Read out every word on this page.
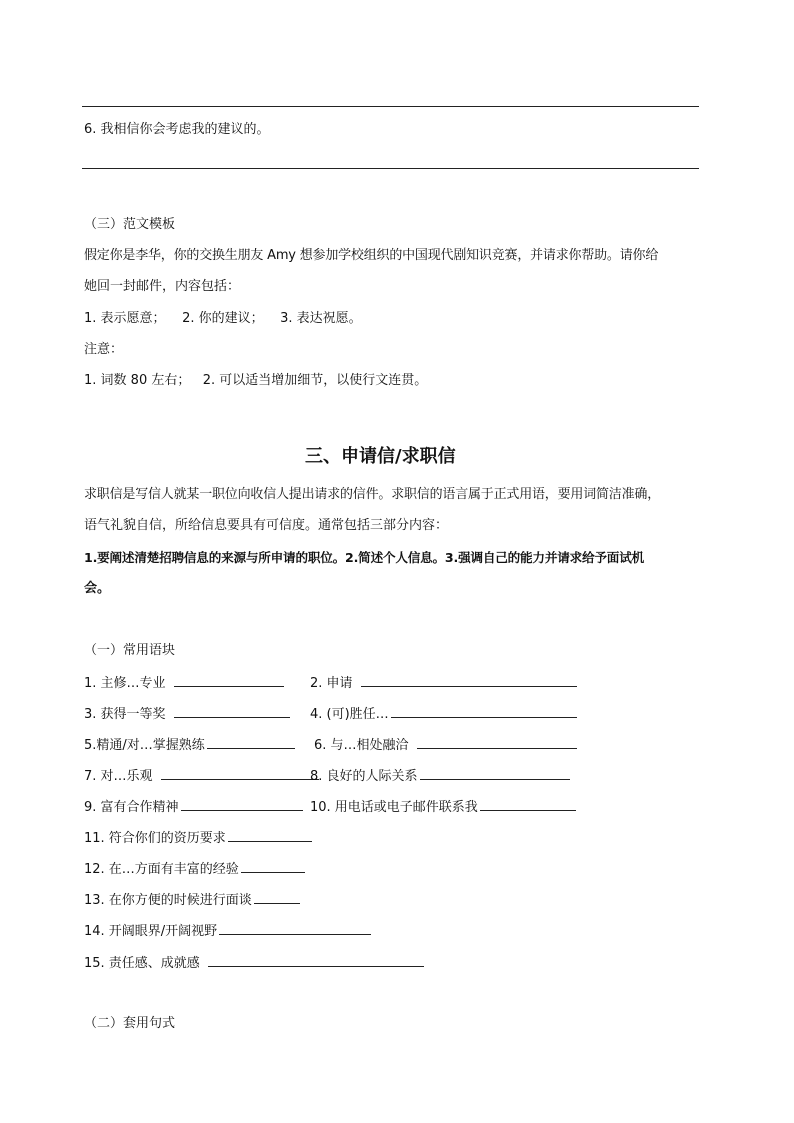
6. 我相信你会考虑我的建议的。
（三）范文模板
假定你是李华，你的交换生朋友 Amy 想参加学校组织的中国现代剧知识竞赛，并请求你帮助。请你给
她回一封邮件，内容包括：
1. 表示愿意；    2. 你的建议；    3. 表达祝愿。
注意：
1. 词数 80 左右；   2. 可以适当增加细节，以使行文连贯。
三、申请信/求职信
求职信是写信人就某一职位向收信人提出请求的信件。求职信的语言属于正式用语，要用词简洁准确，
语气礼貌自信，所给信息要具有可信度。通常包括三部分内容：
1.要阐述清楚招聘信息的来源与所申请的职位。2.简述个人信息。3.强调自己的能力并请求给予面试机
会。
（一）常用语块
1. 主修…专业	2. 申请
3. 获得一等奖	4. (可)胜任…
5.精通/对…掌握熟练	6. 与…相处融洽
7. 对…乐观	8. 良好的人际关系
9. 富有合作精神	10. 用电话或电子邮件联系我
11. 符合你们的资历要求
12. 在…方面有丰富的经验
13. 在你方便的时候进行面谈
14. 开阔眼界/开阔视野
15. 责任感、成就感
（二）套用句式
